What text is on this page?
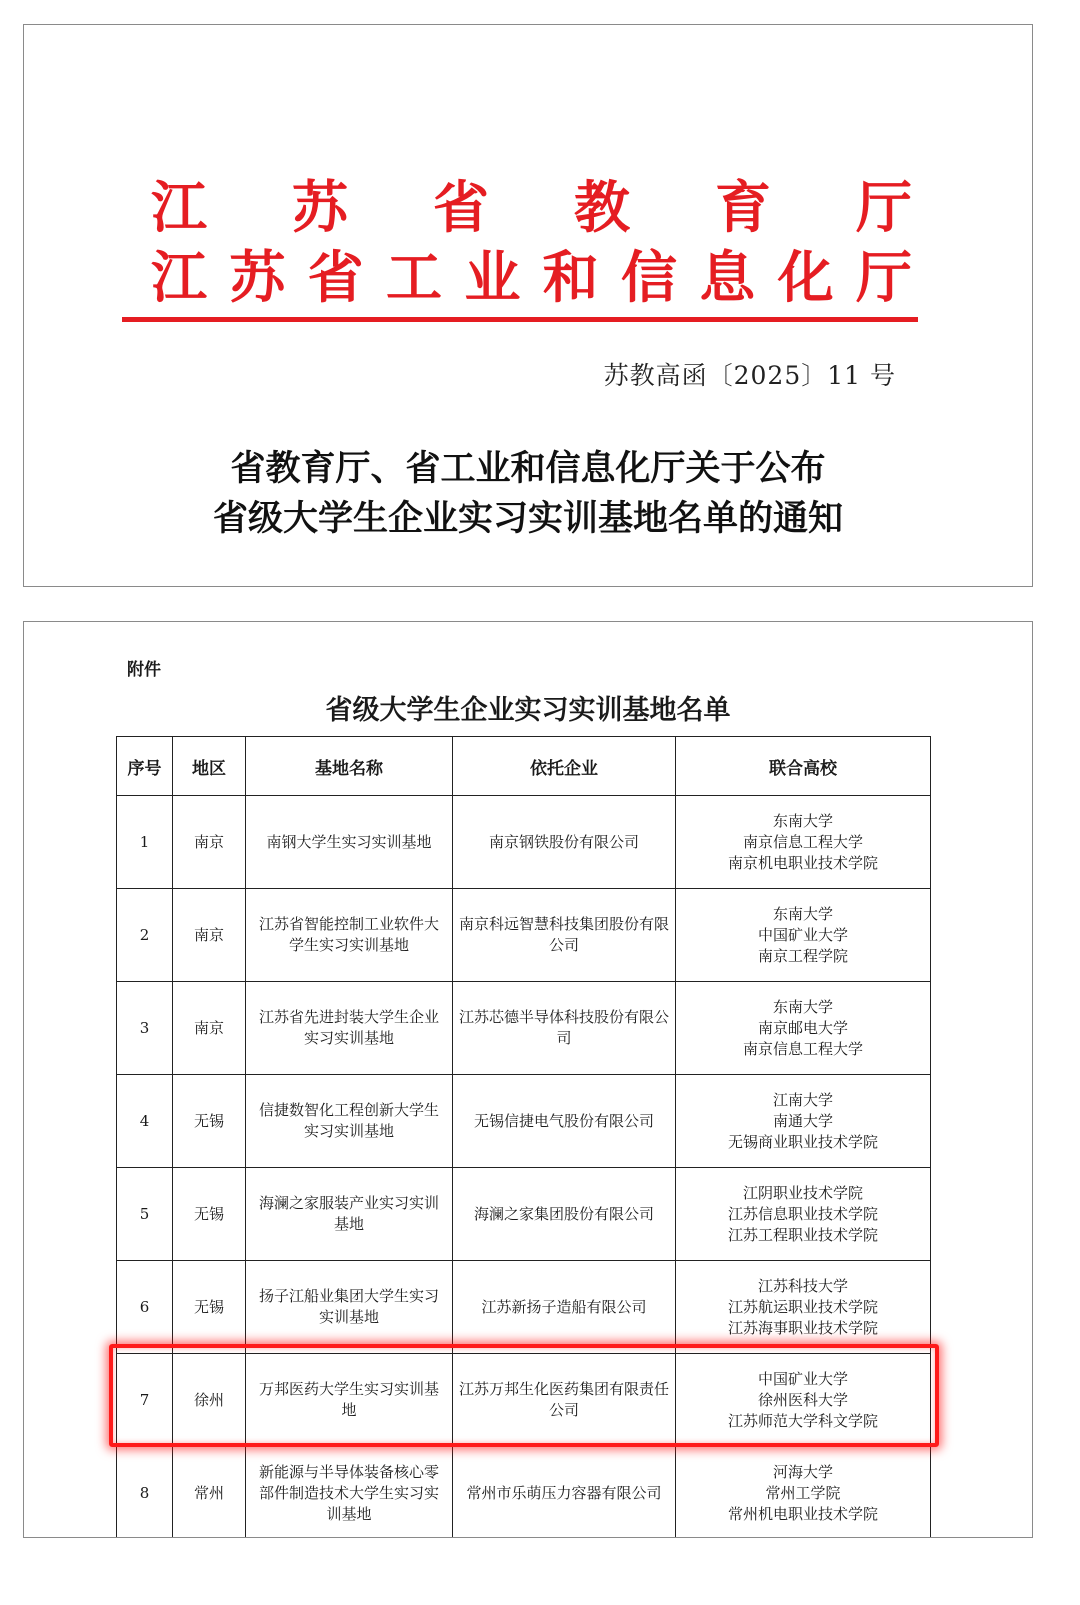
江 苏 省 教 育 厅
江 苏 省 工 业 和 信 息 化 厅
苏教高函〔2025〕11 号
省教育厅、省工业和信息化厅关于公布
省级大学生企业实习实训基地名单的通知
附件
省级大学生企业实习实训基地名单
序号	地区	基地名称	依托企业	联合高校
1	南京	南钢大学生实习实训基地	南京钢铁股份有限公司	东南大学
南京信息工程大学
南京机电职业技术学院

2	南京	江苏省智能控制工业软件大学生实习实训基地	南京科远智慧科技集团股份有限公司	东南大学
中国矿业大学
南京工程学院

3	南京	江苏省先进封装大学生企业实习实训基地	江苏芯德半导体科技股份有限公司	东南大学
南京邮电大学
南京信息工程大学

4	无锡	信捷数智化工程创新大学生实习实训基地	无锡信捷电气股份有限公司	江南大学
南通大学
无锡商业职业技术学院

5	无锡	海澜之家服装产业实习实训基地	海澜之家集团股份有限公司	江阴职业技术学院
江苏信息职业技术学院
江苏工程职业技术学院

6	无锡	扬子江船业集团大学生实习实训基地	江苏新扬子造船有限公司	江苏科技大学
江苏航运职业技术学院
江苏海事职业技术学院

7	徐州	万邦医药大学生实习实训基地	江苏万邦生化医药集团有限责任公司	中国矿业大学
徐州医科大学
江苏师范大学科文学院

8	常州	新能源与半导体装备核心零部件制造技术大学生实习实训基地	常州市乐萌压力容器有限公司	河海大学
常州工学院
常州机电职业技术学院
